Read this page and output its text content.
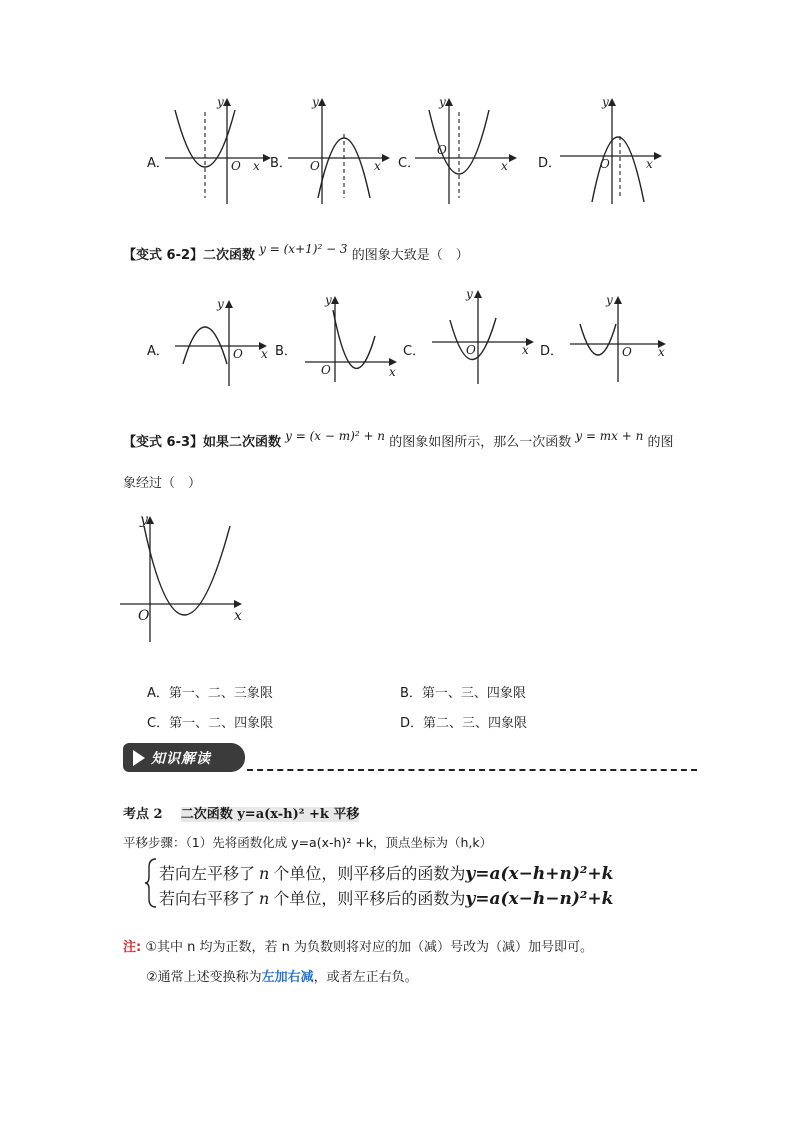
A．	O x
y
B． O	x
y
C．
O
x
y
D．	O	x
y
【变式 6-2】二次函数 y = (x+1)² − 3 的图象大致是（　）
A．	O x
y
B．
O	x
y
C．	O	x
y
D．	O x
y
【变式 6-3】如果二次函数 y = (x − m)² + n 的图象如图所示，那么一次函数 y = mx + n 的图
象经过（　）
O	x
y
A．第一、二、三象限	B．第一、三、四象限
C．第一、二、四象限	D．第二、三、四象限
知识解读
考点 2 二次函数 y=a(x-h)² +k 平移
平移步骤：（1）先将函数化成 y=a(x-h)² +k，顶点坐标为（h,k）
若向左平移了 n 个单位，则平移后的函数为y=a(x−h+n)²+k
若向右平移了 n 个单位，则平移后的函数为y=a(x−h−n)²+k
注: ①其中 n 均为正数，若 n 为负数则将对应的加（减）号改为（减）加号即可。
②通常上述变换称为左加右减，或者左正右负。
